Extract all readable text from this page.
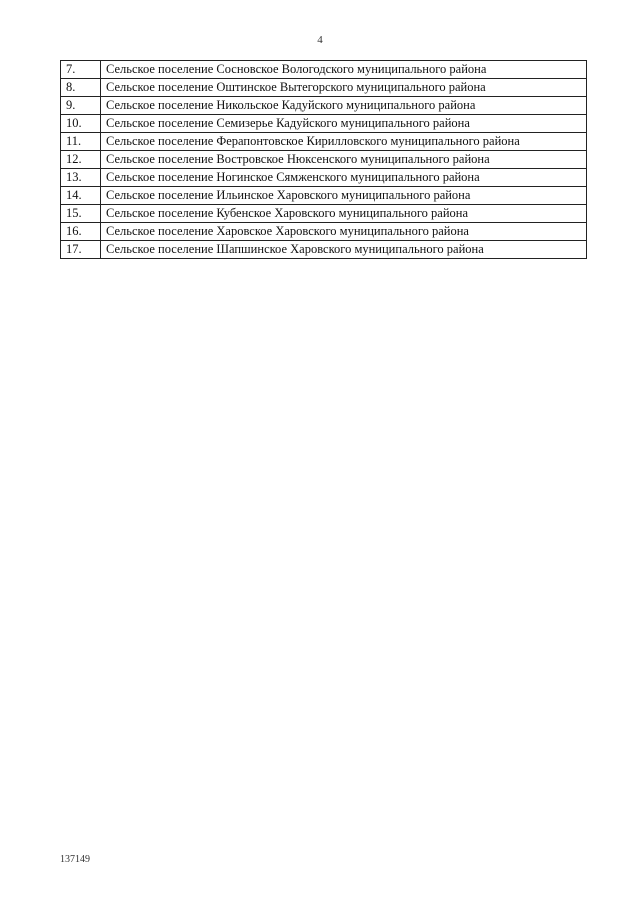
4
7.	Сельское поселение Сосновское Вологодского муниципального района
8.	Сельское поселение Оштинское Вытегорского муниципального района
9.	Сельское поселение Никольское Кадуйского муниципального района
10.	Сельское поселение Семизерье Кадуйского муниципального района
11.	Сельское поселение Ферапонтовское Кирилловского муниципального района
12.	Сельское поселение Востровское Нюксенского муниципального района
13.	Сельское поселение Ногинское Сямженского муниципального района
14.	Сельское поселение Ильинское Харовского муниципального района
15.	Сельское поселение Кубенское Харовского муниципального района
16.	Сельское поселение Харовское Харовского муниципального района
17.	Сельское поселение Шапшинское Харовского муниципального района
137149
